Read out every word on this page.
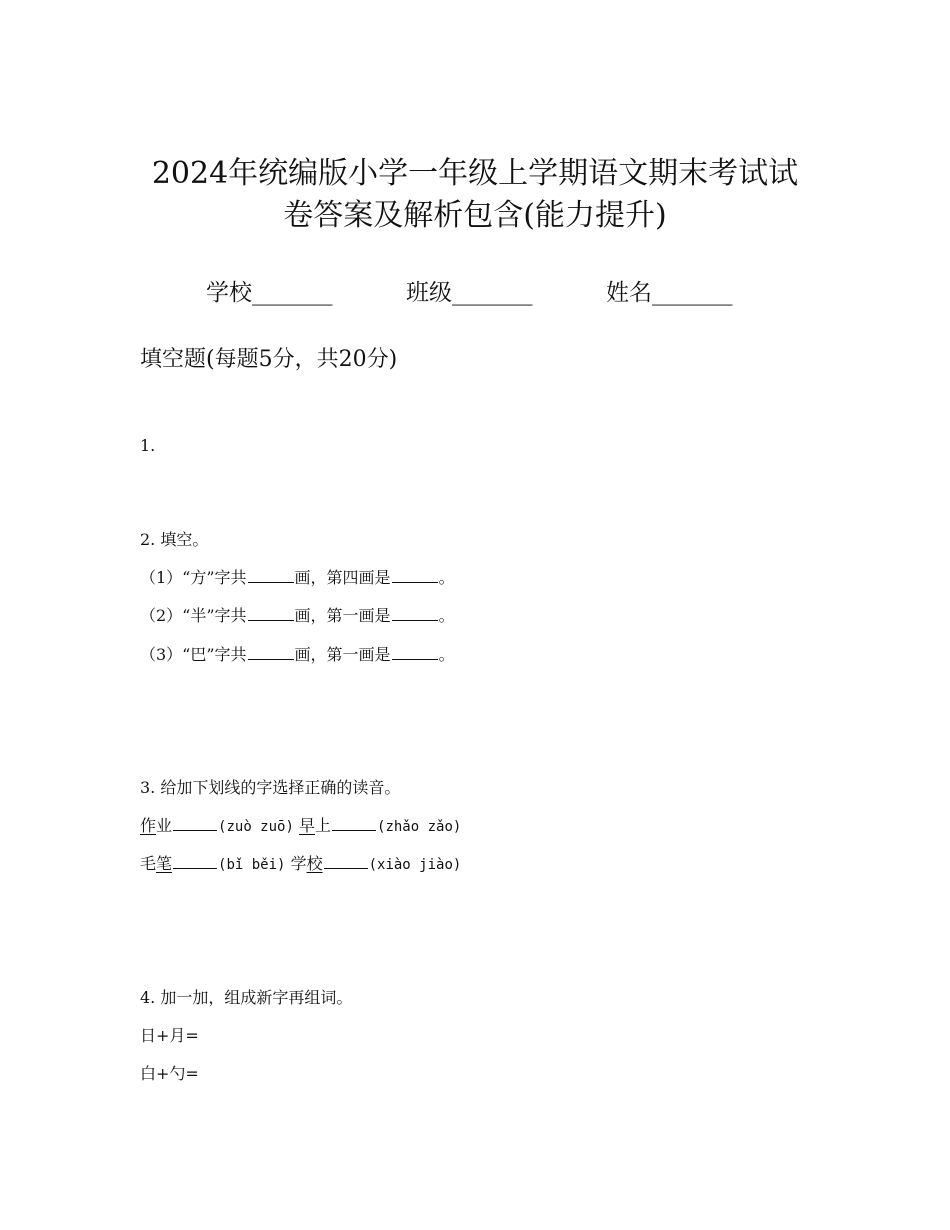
2024年统编版小学一年级上学期语文期末考试试
卷答案及解析包含(能力提升)
学校_______	班级_______	姓名_______
填空题(每题5分，共20分)
1.
2. 填空。
（1）“方”字共	画，第四画是	。
（2）“半”字共	画，第一画是	。
（3）“巴”字共	画，第一画是	。
3. 给加下划线的字选择正确的读音。
作业	(zuò zuō) 早上	(zhǎo zǎo)
毛笔	(bǐ běi) 学校	(xiào jiào)
4. 加一加，组成新字再组词。
日+月=
白+勺=
